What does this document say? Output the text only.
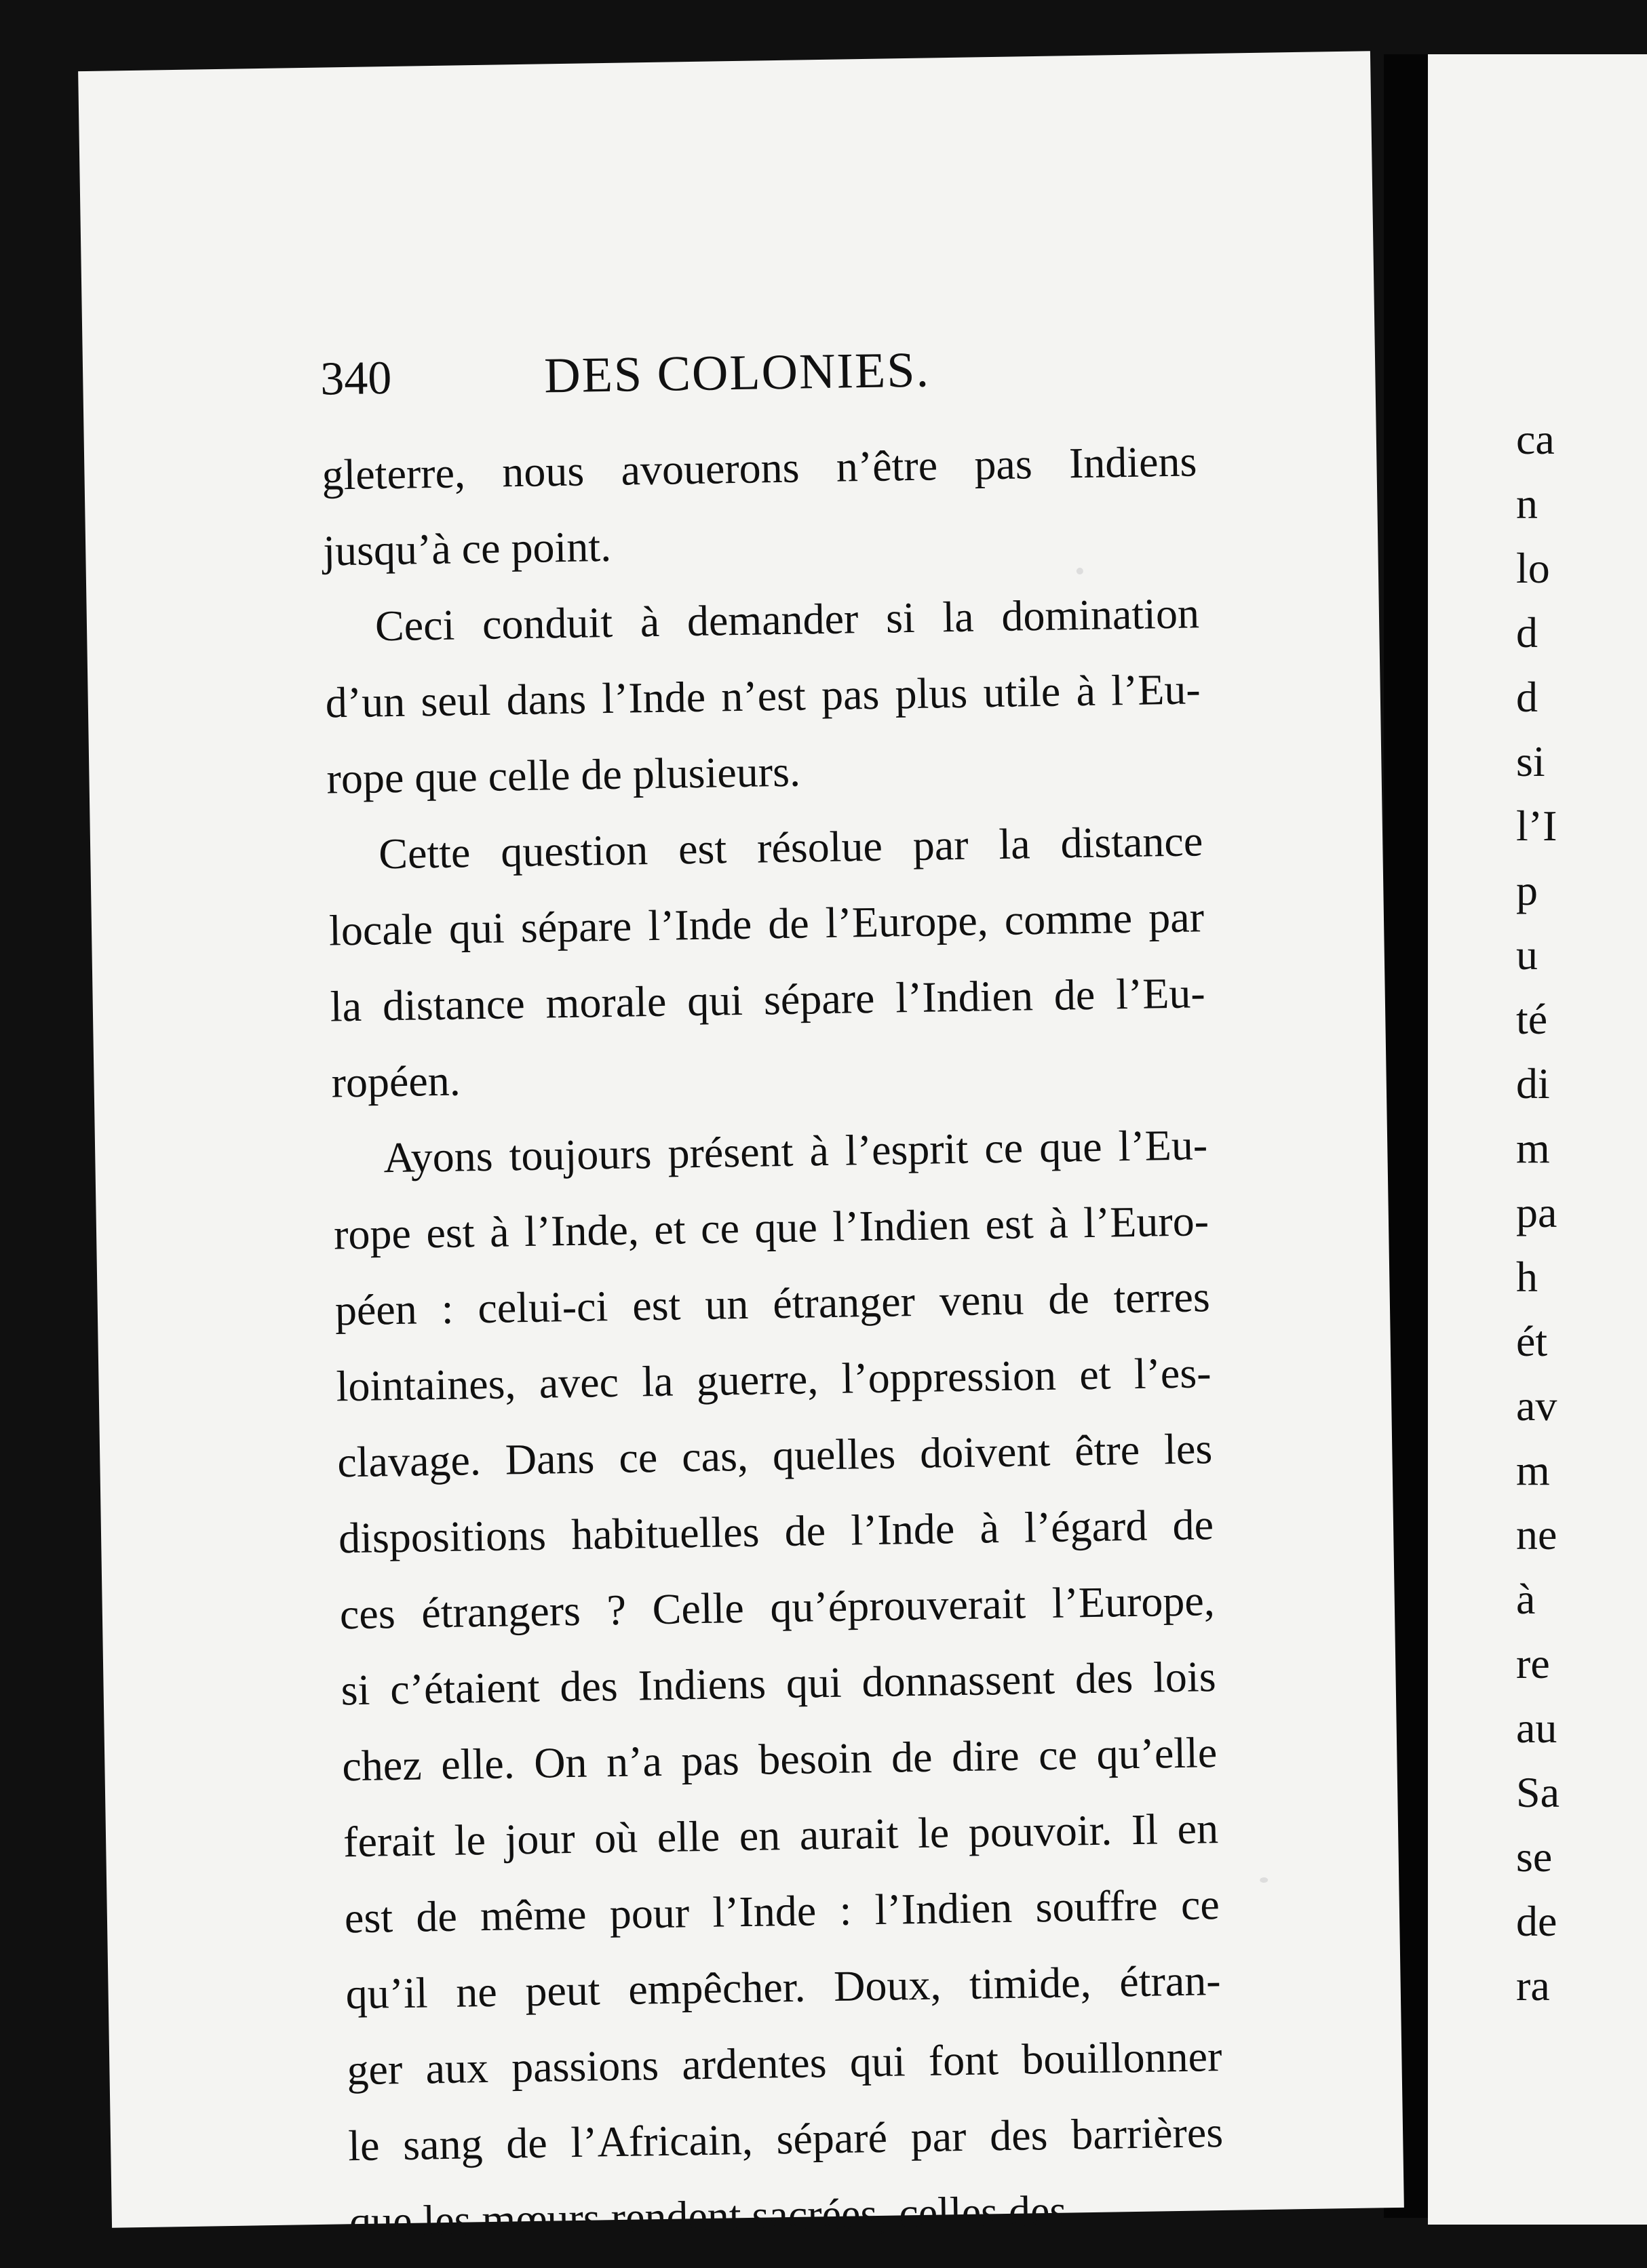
ca
n
lo
d
d
si
l’I
p
u
té
di
m
pa
h
ét
av
m
ne
à
re
au
Sa
se
de
ra
340	DES COLONIES.
gleterre, nous avouerons n’être pas Indiens
jusqu’à ce point.
Ceci conduit à demander si la domination
d’un seul dans l’Inde n’est pas plus utile à l’Eu-
rope que celle de plusieurs.
Cette question est résolue par la distance
locale qui sépare l’Inde de l’Europe, comme par
la distance morale qui sépare l’Indien de l’Eu-
ropéen.
Ayons toujours présent à l’esprit ce que l’Eu-
rope est à l’Inde, et ce que l’Indien est à l’Euro-
péen : celui-ci est un étranger venu de terres
lointaines, avec la guerre, l’oppression et l’es-
clavage. Dans ce cas, quelles doivent être les
dispositions habituelles de l’Inde à l’égard de
ces étrangers ? Celle qu’éprouverait l’Europe,
si c’étaient des Indiens qui donnassent des lois
chez elle. On n’a pas besoin de dire ce qu’elle
ferait le jour où elle en aurait le pouvoir. Il en
est de même pour l’Inde : l’Indien souffre ce
qu’il ne peut empêcher. Doux, timide, étran-
ger aux passions ardentes qui font bouillonner
le sang de l’Africain, séparé par des barrières
que les mœurs rendent sacrées, celles des
